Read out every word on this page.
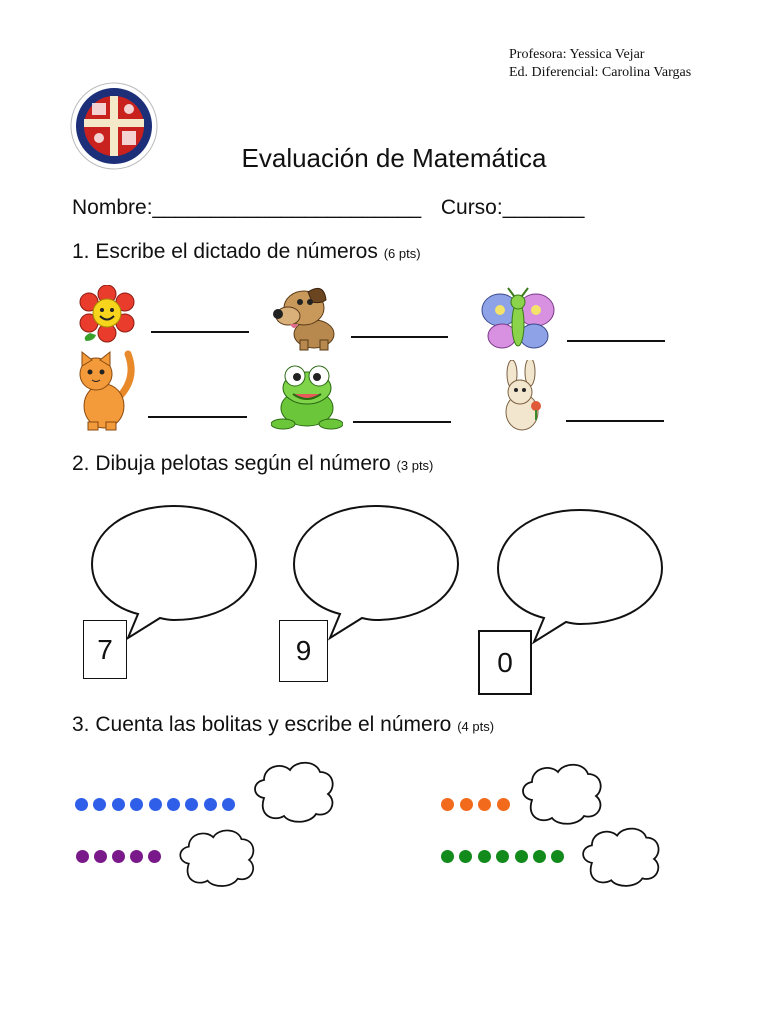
Profesora: Yessica Vejar
Ed. Diferencial: Carolina Vargas
Evaluación de Matemática
Nombre:_______________________ Curso:_______
1. Escribe el dictado de números (6 pts)
2. Dibuja pelotas según el número (3 pts)
7	9	0
3. Cuenta las bolitas y escribe el número (4 pts)
